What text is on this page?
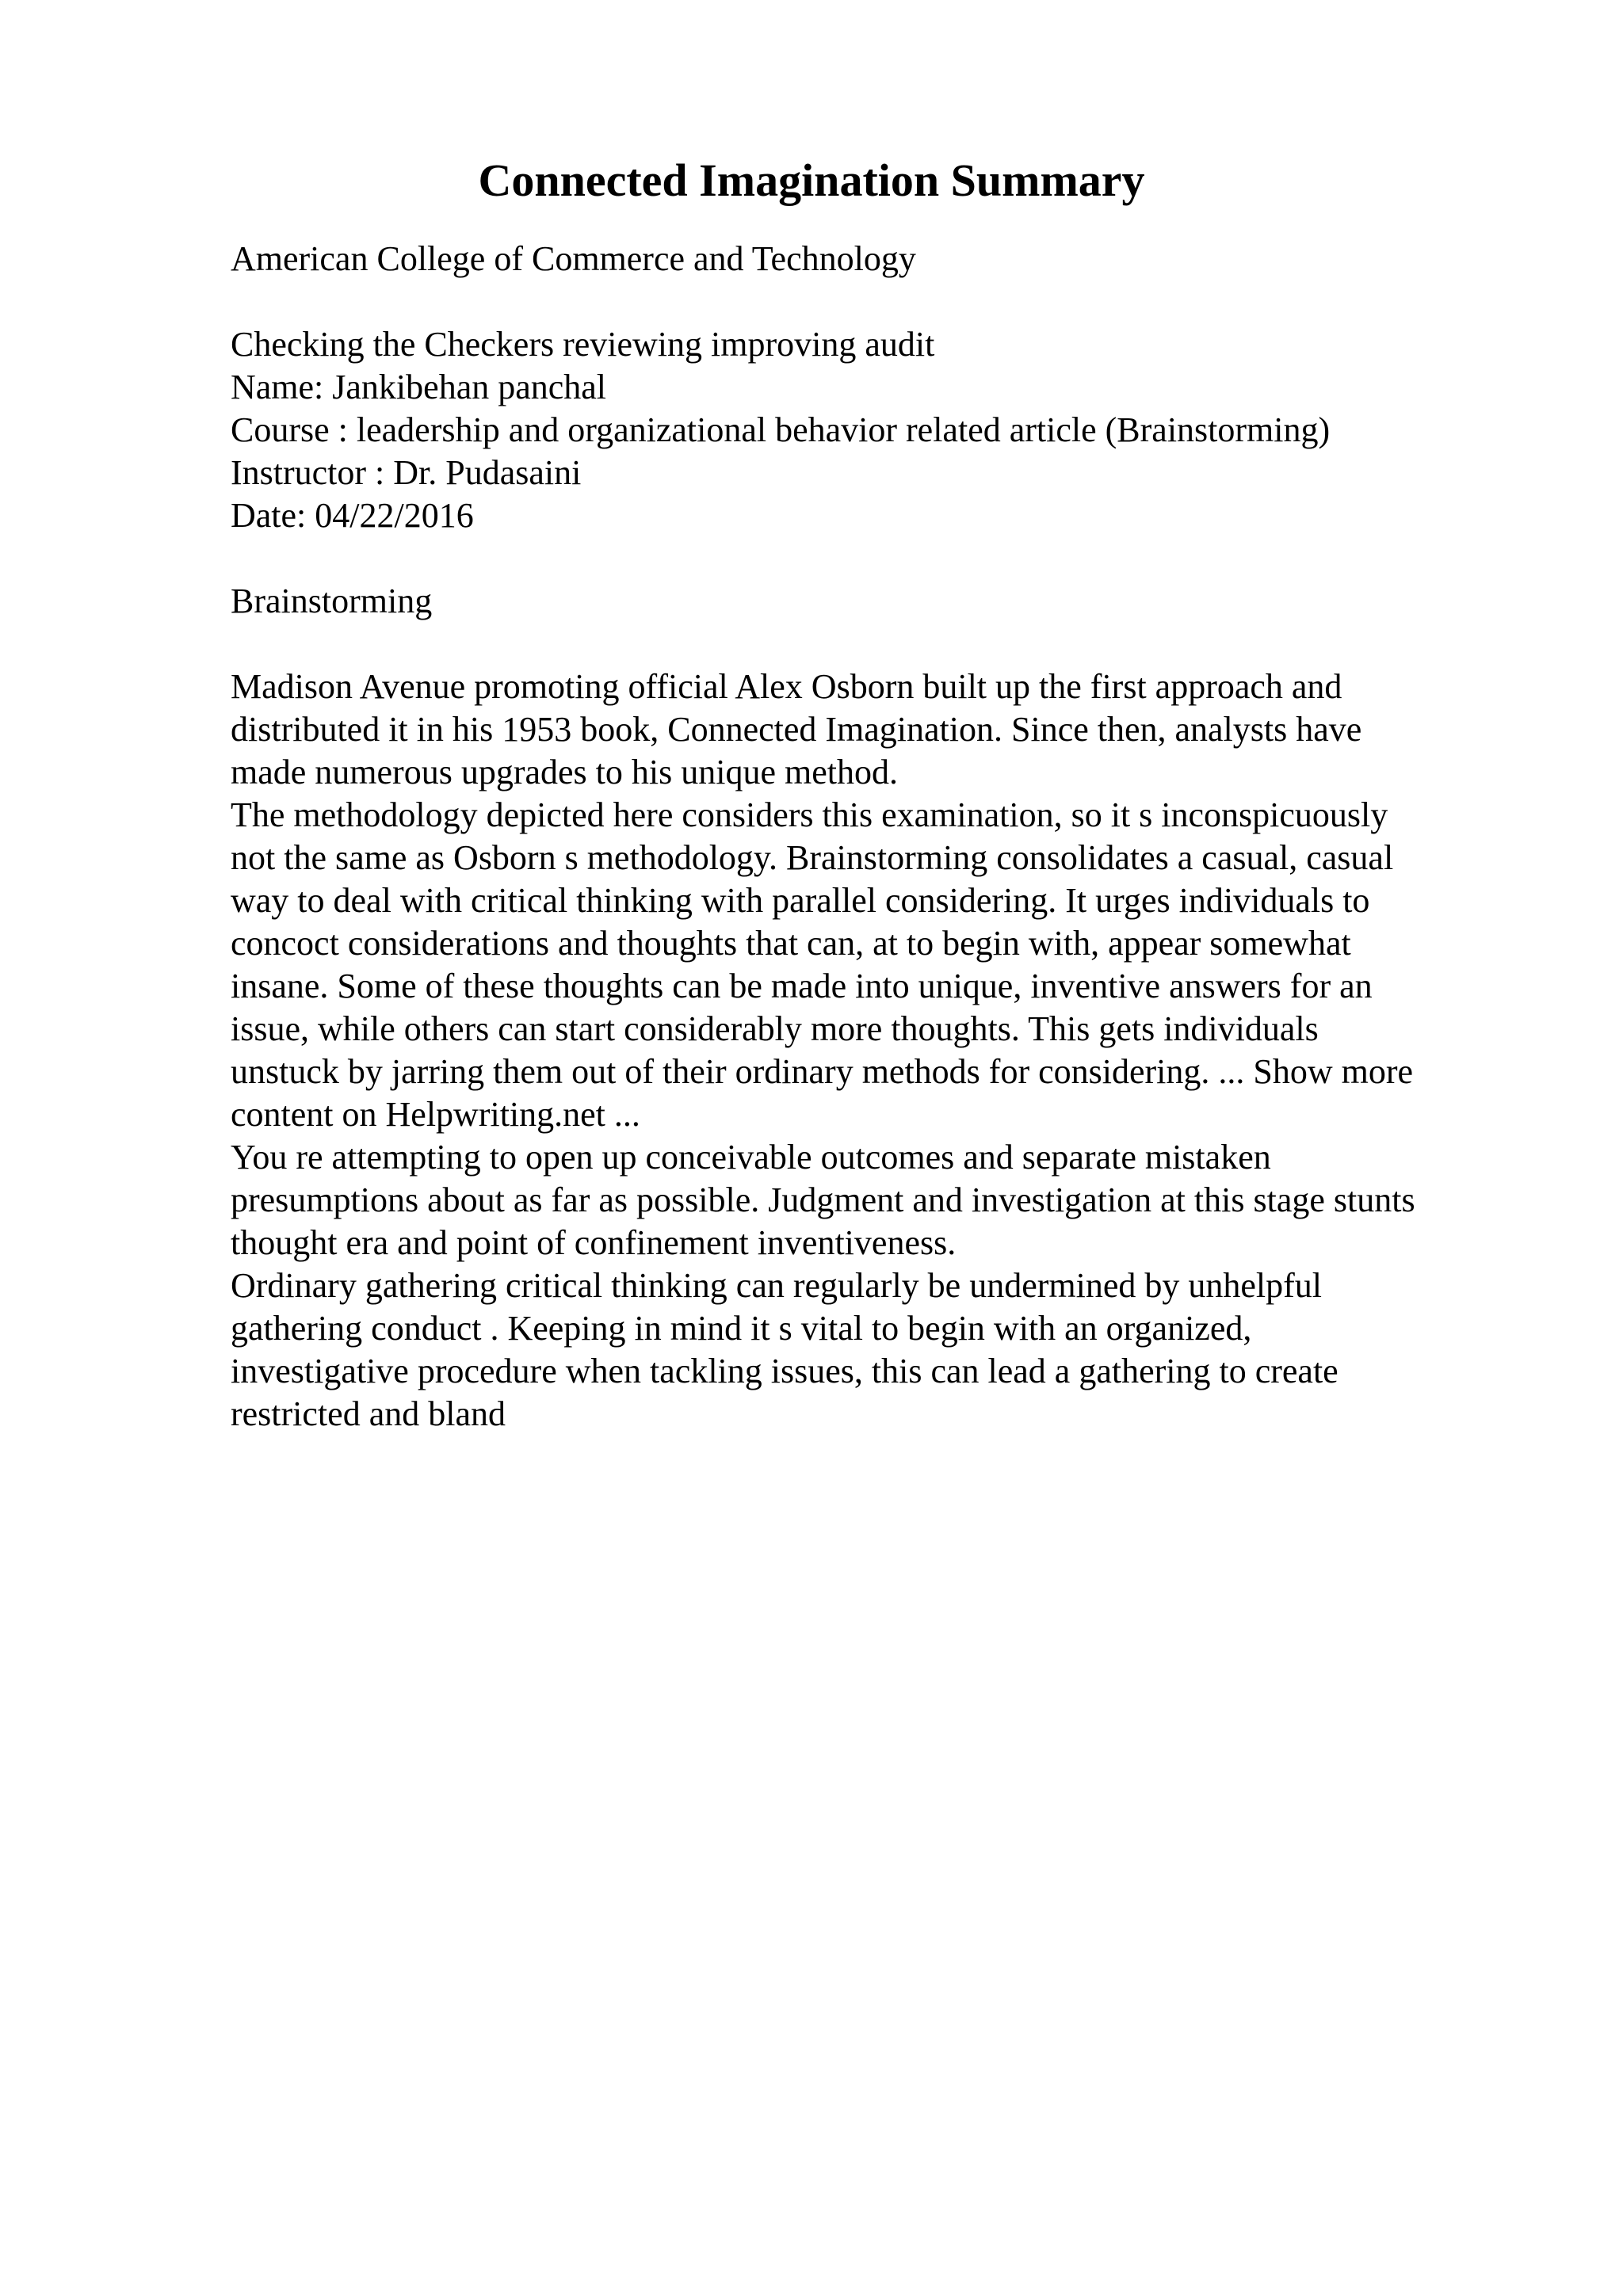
Connected Imagination Summary
American College of Commerce and Technology
Checking the Checkers reviewing improving audit
Name: Jankibehan panchal
Course : leadership and organizational behavior related article (Brainstorming)
Instructor : Dr. Pudasaini
Date: 04/22/2016
Brainstorming
Madison Avenue promoting official Alex Osborn built up the first approach and
distributed it in his 1953 book, Connected Imagination. Since then, analysts have
made numerous upgrades to his unique method.
The methodology depicted here considers this examination, so it s inconspicuously
not the same as Osborn s methodology. Brainstorming consolidates a casual, casual
way to deal with critical thinking with parallel considering. It urges individuals to
concoct considerations and thoughts that can, at to begin with, appear somewhat
insane. Some of these thoughts can be made into unique, inventive answers for an
issue, while others can start considerably more thoughts. This gets individuals
unstuck by jarring them out of their ordinary methods for considering. ... Show more
content on Helpwriting.net ...
You re attempting to open up conceivable outcomes and separate mistaken
presumptions about as far as possible. Judgment and investigation at this stage stunts
thought era and point of confinement inventiveness.
Ordinary gathering critical thinking can regularly be undermined by unhelpful
gathering conduct . Keeping in mind it s vital to begin with an organized,
investigative procedure when tackling issues, this can lead a gathering to create
restricted and bland
